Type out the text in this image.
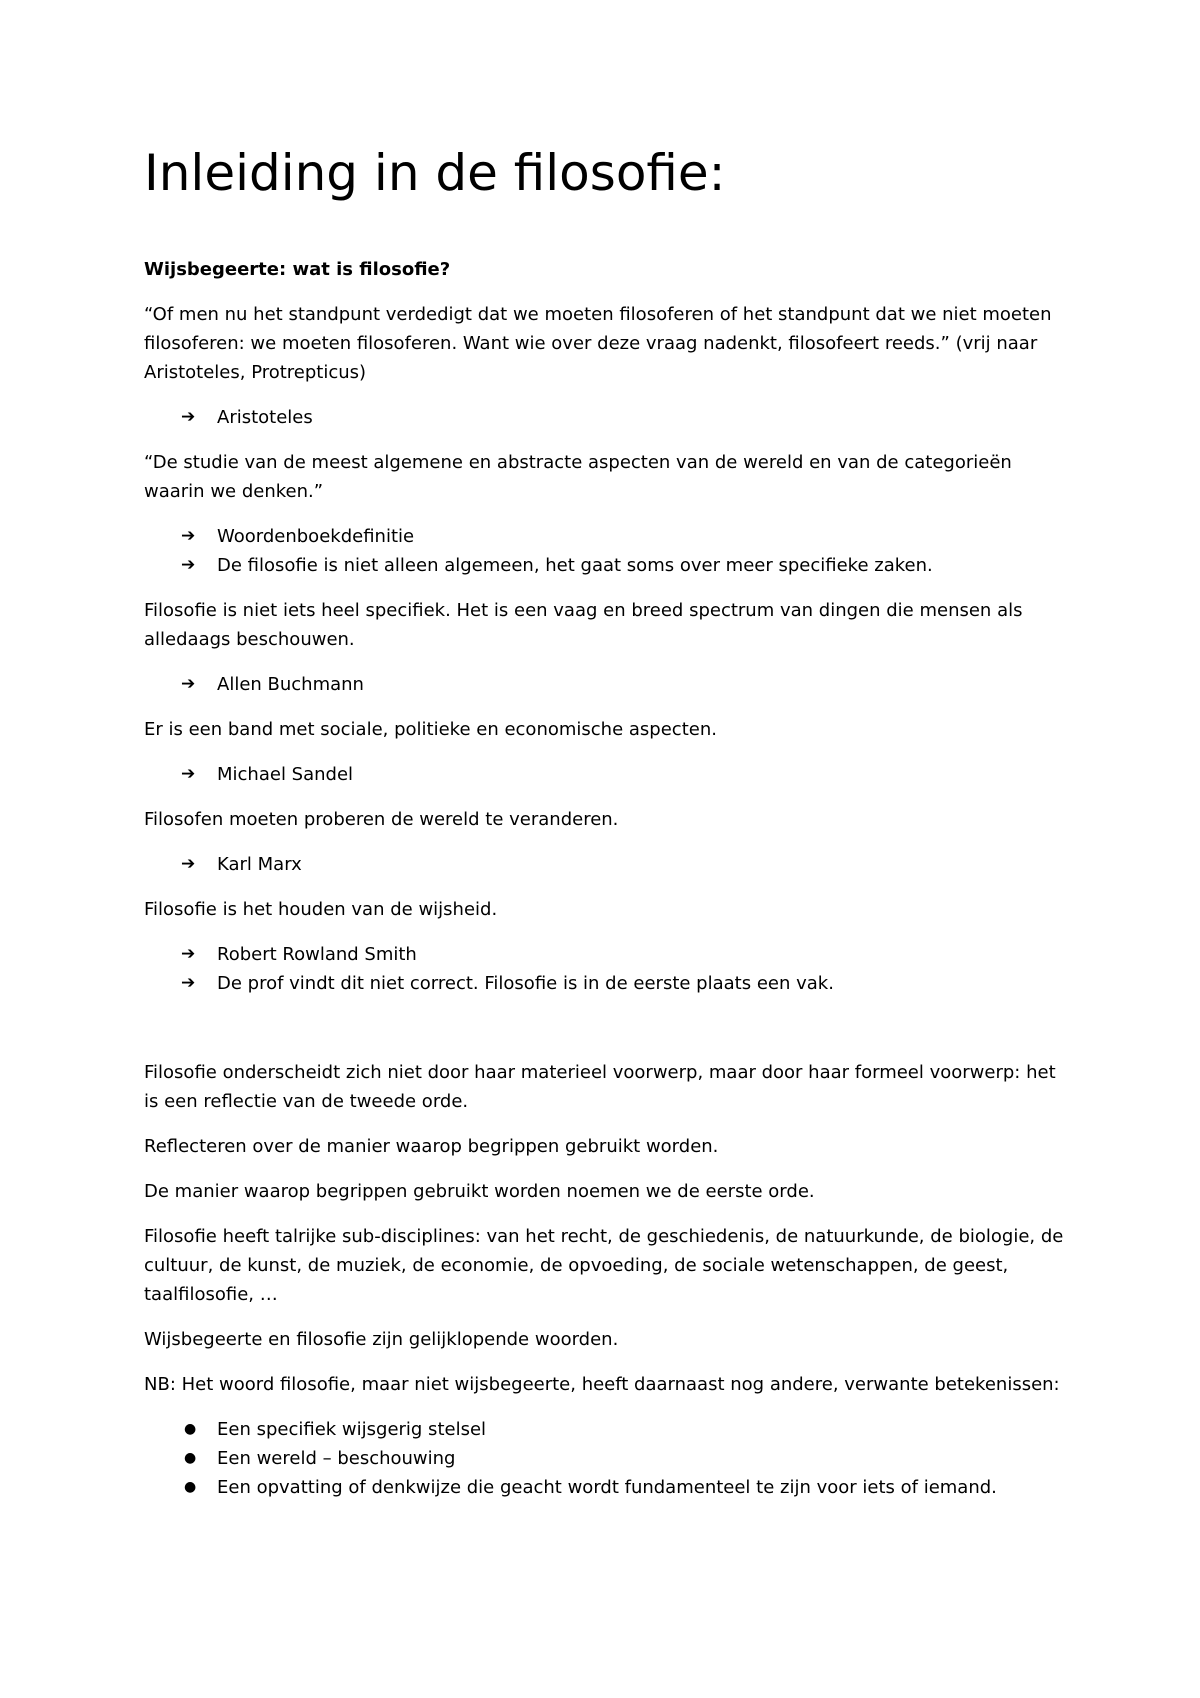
Inleiding in de filosofie:

Wijsbegeerte: wat is filosofie?

“Of men nu het standpunt verdedigt dat we moeten filosoferen of het standpunt dat we niet moeten filosoferen: we moeten filosoferen. Want wie over deze vraag nadenkt, filosofeert reeds.” (vrij naar Aristoteles, Protrepticus)

➔ Aristoteles

“De studie van de meest algemene en abstracte aspecten van de wereld en van de categorieën waarin we denken.”

➔ Woordenboekdefinitie
➔ De filosofie is niet alleen algemeen, het gaat soms over meer specifieke zaken.

Filosofie is niet iets heel specifiek. Het is een vaag en breed spectrum van dingen die mensen als alledaags beschouwen.

➔ Allen Buchmann

Er is een band met sociale, politieke en economische aspecten.

➔ Michael Sandel

Filosofen moeten proberen de wereld te veranderen.

➔ Karl Marx

Filosofie is het houden van de wijsheid.

➔ Robert Rowland Smith
➔ De prof vindt dit niet correct. Filosofie is in de eerste plaats een vak.

Filosofie onderscheidt zich niet door haar materieel voorwerp, maar door haar formeel voorwerp: het is een reflectie van de tweede orde.

Reflecteren over de manier waarop begrippen gebruikt worden.

De manier waarop begrippen gebruikt worden noemen we de eerste orde.

Filosofie heeft talrijke sub-disciplines: van het recht, de geschiedenis, de natuurkunde, de biologie, de cultuur, de kunst, de muziek, de economie, de opvoeding, de sociale wetenschappen, de geest, taalfilosofie, …

Wijsbegeerte en filosofie zijn gelijklopende woorden.

NB: Het woord filosofie, maar niet wijsbegeerte, heeft daarnaast nog andere, verwante betekenissen:

● Een specifiek wijsgerig stelsel
● Een wereld – beschouwing
● Een opvatting of denkwijze die geacht wordt fundamenteel te zijn voor iets of iemand.
